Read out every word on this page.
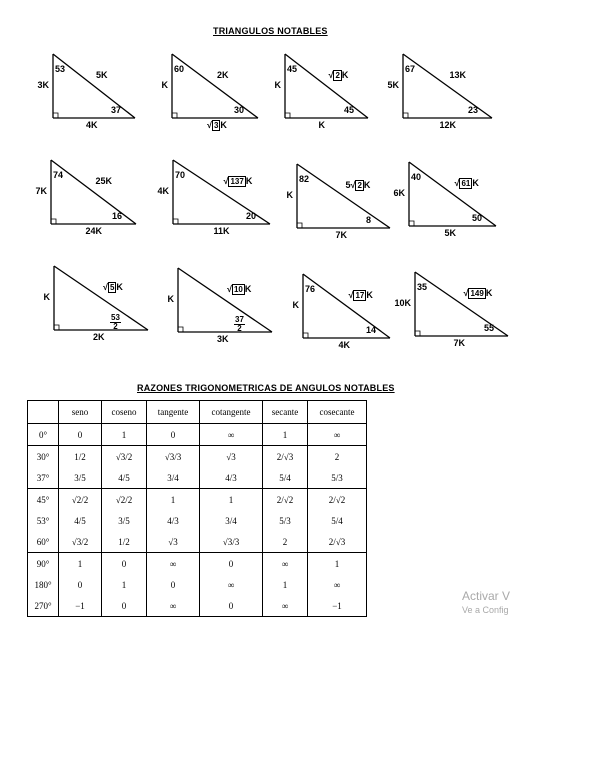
TRIANGULOS NOTABLES
53
5K
37
3K
4K
60
2K
30
K
√ 3 K
45
√ 2 K
45
K
K
67
13K
23
5K
12K
74
25K
16
7K
24K
70
√ 137 K
20
4K
11K
82
5√ 2 K
8
K
7K
40
√ 61 K
50
6K
5K
√ 5 K
$\frac{53}{2}$
K
2K
√ 10 K
$\frac{37}{2}$
K
3K
76
√ 17 K
14
K
4K
35
√ 149 K
55
10K
7K
RAZONES TRIGONOMETRICAS DE ANGULOS NOTABLES
	seno	coseno	tangente	cotangente	secante	cosecante
0°	0	1	0	∞	1	∞
30°	1/2	√3/2	√3/3	√3	2/√3	2
37°	3/5	4/5	3/4	4/3	5/4	5/3
45°	√2/2	√2/2	1	1	2/√2	2/√2
53°	4/5	3/5	4/3	3/4	5/3	5/4
60°	√3/2	1/2	√3	√3/3	2	2/√3
90°	1	0	∞	0	∞	1
180°	0	1	0	∞	1	∞
270°	−1	0	∞	0	∞	−1
Activar V
Ve a Config
